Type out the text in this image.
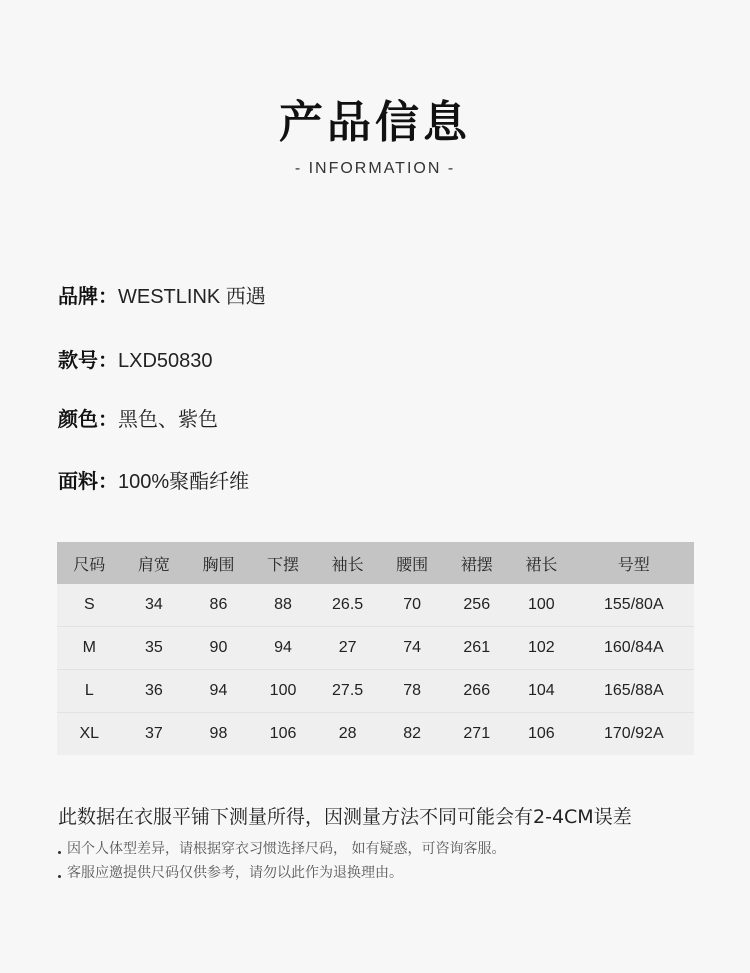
产品信息
- INFORMATION -
品牌：WESTLINK 西遇
款号：LXD50830
颜色：黑色、紫色
面料：100%聚酯纤维
尺码	肩宽	胸围	下摆	袖长	腰围	裙摆	裙长	号型
S	34	86	88	26.5	70	256	100	155/80A
M	35	90	94	27	74	261	102	160/84A
L	36	94	100	27.5	78	266	104	165/88A
XL	37	98	106	28	82	271	106	170/92A
此数据在衣服平铺下测量所得，因测量方法不同可能会有2-4CM误差
因个人体型差异，请根据穿衣习惯选择尺码， 如有疑惑，可咨询客服。
客服应邀提供尺码仅供参考，请勿以此作为退换理由。
